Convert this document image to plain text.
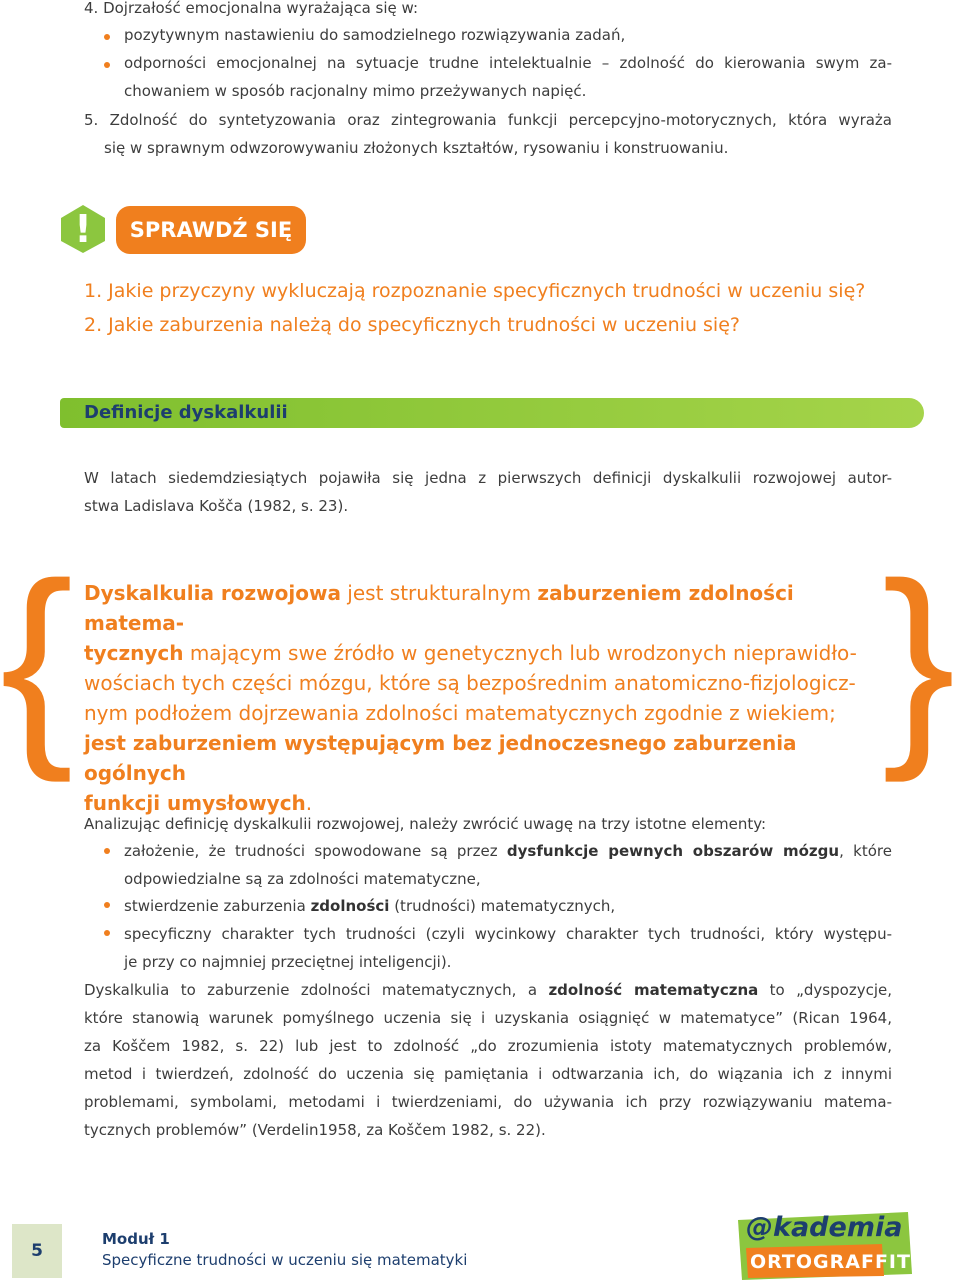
4. Dojrzałość emocjonalna wyrażająca się w:
pozytywnym nastawieniu do samodzielnego rozwiązywania zadań,
odporności emocjonalnej na sytuacje trudne intelektualnie – zdolność do kierowania swym za-
chowaniem w sposób racjonalny mimo przeżywanych napięć.
5. Zdolność do syntetyzowania oraz zintegrowania funkcji percepcyjno-motorycznych, która wyraża
się w sprawnym odwzorowywaniu złożonych kształtów, rysowaniu i konstruowaniu.
!	SPRAWDŹ SIĘ
1. Jakie przyczyny wykluczają rozpoznanie specyficznych trudności w uczeniu się?
2. Jakie zaburzenia należą do specyficznych trudności w uczeniu się?
Definicje dyskalkulii
W latach siedemdziesiątych pojawiła się jedna z pierwszych definicji dyskalkulii rozwojowej autor-
stwa Ladislava Koščа (1982, s. 23).
{	}
Dyskalkulia rozwojowa jest strukturalnym zaburzeniem zdolności matema-
tycznych mającym swe źródło w genetycznych lub wrodzonych nieprawidło-
wościach tych części mózgu, które są bezpośrednim anatomiczno-fizjologicz-
nym podłożem dojrzewania zdolności matematycznych zgodnie z wiekiem;
jest zaburzeniem występującym bez jednoczesnego zaburzenia ogólnych
funkcji umysłowych.
Analizując definicję dyskalkulii rozwojowej, należy zwrócić uwagę na trzy istotne elementy:
założenie, że trudności spowodowane są przez dysfunkcje pewnych obszarów mózgu, które
odpowiedzialne są za zdolności matematyczne,
stwierdzenie zaburzenia zdolności (trudności) matematycznych,
specyficzny charakter tych trudności (czyli wycinkowy charakter tych trudności, który występu-
je przy co najmniej przeciętnej inteligencji).
Dyskalkulia to zaburzenie zdolności matematycznych, a zdolność matematyczna to „dyspozycje,
które stanowią warunek pomyślnego uczenia się i uzyskania osiągnięć w matematyce” (Rican 1964,
za Koščem 1982, s. 22) lub jest to zdolność „do zrozumienia istoty matematycznych problemów,
metod i twierdzeń, zdolność do uczenia się pamiętania i odtwarzania ich, do wiązania ich z innymi
problemami, symbolami, metodami i twierdzeniami, do używania ich przy rozwiązywaniu matema-
tycznych problemów” (Verdelin1958, za Koščem 1982, s. 22).
5
Moduł 1
Specyficzne trudności w uczeniu się matematyki
@kademia
ORTOGRAFFITI
